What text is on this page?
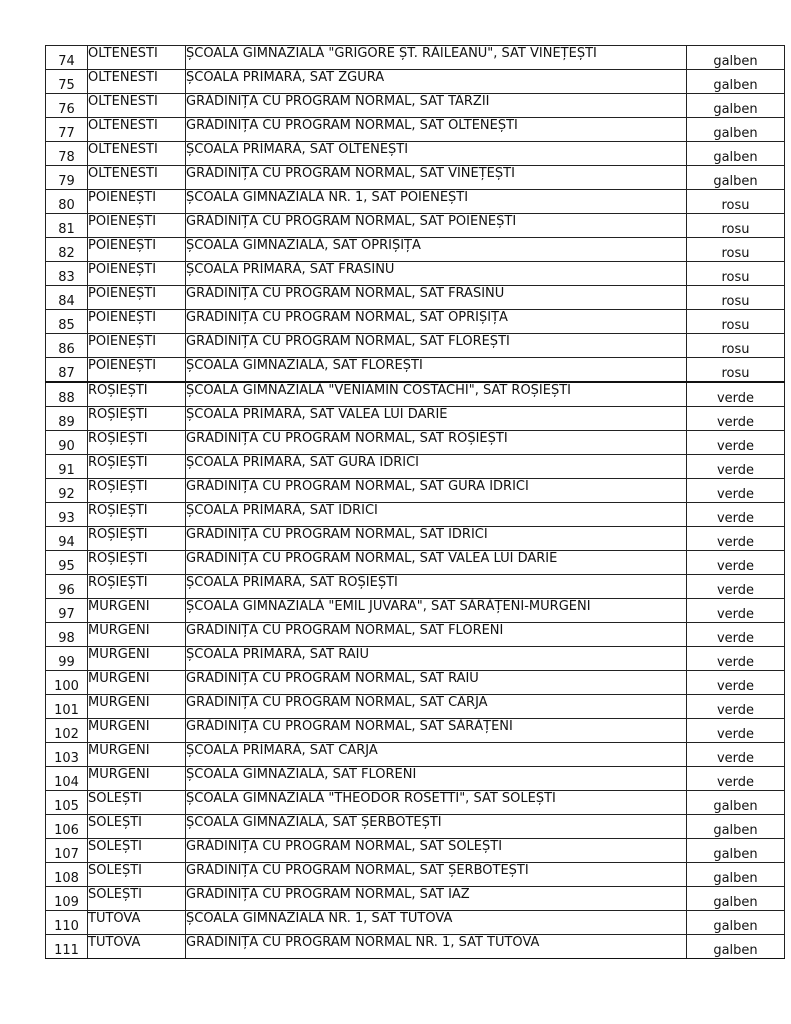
74	OLTENESTI	ȘCOALA GIMNAZIALĂ "GRIGORE ȘT. RĂILEANU", SAT VINEȚEȘTI	galben
75	OLTENESTI	ȘCOALA PRIMARĂ, SAT ZGURA	galben
76	OLTENESTI	GRĂDINIȚA CU PROGRAM NORMAL, SAT TÂRZII	galben
77	OLTENESTI	GRĂDINIȚA CU PROGRAM NORMAL, SAT OLTENEȘTI	galben
78	OLTENESTI	ȘCOALA PRIMARĂ, SAT OLTENEȘTI	galben
79	OLTENESTI	GRĂDINIȚA CU PROGRAM NORMAL, SAT VINEȚEȘTI	galben
80	POIENEȘTI	ȘCOALA GIMNAZIALĂ NR. 1, SAT POIENEȘTI	rosu
81	POIENEȘTI	GRĂDINIȚA CU PROGRAM NORMAL, SAT POIENEȘTI	rosu
82	POIENEȘTI	ȘCOALA GIMNAZIALĂ, SAT OPRIȘIȚA	rosu
83	POIENEȘTI	ȘCOALA PRIMARĂ, SAT FRASINU	rosu
84	POIENEȘTI	GRĂDINIȚA CU PROGRAM NORMAL, SAT FRASINU	rosu
85	POIENEȘTI	GRĂDINIȚA CU PROGRAM NORMAL, SAT OPRIȘIȚA	rosu
86	POIENEȘTI	GRĂDINIȚA CU PROGRAM NORMAL, SAT FLOREȘTI	rosu
87	POIENEȘTI	ȘCOALA GIMNAZIALĂ, SAT FLOREȘTI	rosu
88	ROȘIEȘTI	ȘCOALA GIMNAZIALĂ "VENIAMIN COSTACHI", SAT ROȘIEȘTI	verde
89	ROȘIEȘTI	ȘCOALA PRIMARĂ, SAT VALEA LUI DARIE	verde
90	ROȘIEȘTI	GRĂDINIȚA CU PROGRAM NORMAL, SAT ROȘIEȘTI	verde
91	ROȘIEȘTI	ȘCOALA PRIMARĂ, SAT GURA IDRICI	verde
92	ROȘIEȘTI	GRĂDINIȚA CU PROGRAM NORMAL, SAT GURA IDRICI	verde
93	ROȘIEȘTI	ȘCOALA PRIMARĂ, SAT IDRICI	verde
94	ROȘIEȘTI	GRĂDINIȚA CU PROGRAM NORMAL, SAT IDRICI	verde
95	ROȘIEȘTI	GRĂDINIȚA CU PROGRAM NORMAL, SAT VALEA LUI DARIE	verde
96	ROȘIEȘTI	ȘCOALA PRIMARĂ, SAT ROȘIEȘTI	verde
97	MURGENI	ȘCOALA GIMNAZIALĂ "EMIL JUVARA", SAT SĂRĂȚENI-MURGENI	verde
98	MURGENI	GRĂDINIȚA CU PROGRAM NORMAL, SAT FLORENI	verde
99	MURGENI	ȘCOALA PRIMARĂ, SAT RAIU	verde
100	MURGENI	GRĂDINIȚA CU PROGRAM NORMAL, SAT RAIU	verde
101	MURGENI	GRĂDINIȚA CU PROGRAM NORMAL, SAT CÂRJA	verde
102	MURGENI	GRĂDINIȚA CU PROGRAM NORMAL, SAT SĂRĂȚENI	verde
103	MURGENI	ȘCOALA PRIMARĂ, SAT CÂRJA	verde
104	MURGENI	ȘCOALA GIMNAZIALĂ, SAT FLORENI	verde
105	SOLEȘTI	ȘCOALA GIMNAZIALĂ "THEODOR ROSETTI", SAT SOLEȘTI	galben
106	SOLEȘTI	ȘCOALA GIMNAZIALĂ, SAT ȘERBOTEȘTI	galben
107	SOLEȘTI	GRĂDINIȚA CU PROGRAM NORMAL, SAT SOLEȘTI	galben
108	SOLEȘTI	GRĂDINIȚA CU PROGRAM NORMAL, SAT ȘERBOTEȘTI	galben
109	SOLEȘTI	GRĂDINIȚA CU PROGRAM NORMAL, SAT IAZ	galben
110	TUTOVA	ȘCOALA GIMNAZIALĂ NR. 1, SAT TUTOVA	galben
111	TUTOVA	GRĂDINIȚA CU PROGRAM NORMAL NR. 1, SAT TUTOVA	galben
